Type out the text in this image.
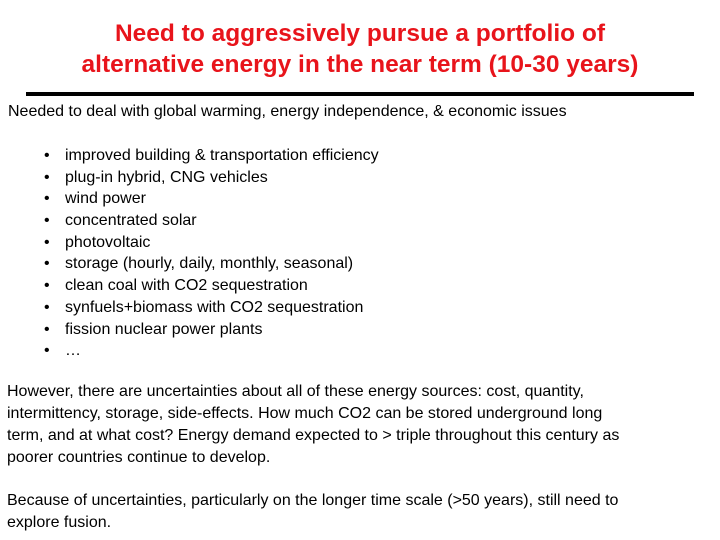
Need to aggressively pursue a portfolio of
alternative energy in the near term (10-30 years)

Needed to deal with global warming, energy independence, & economic issues

• improved building & transportation efficiency
• plug-in hybrid, CNG vehicles
• wind power
• concentrated solar
• photovoltaic
• storage (hourly, daily, monthly, seasonal)
• clean coal with CO2 sequestration
• synfuels+biomass with CO2 sequestration
• fission nuclear power plants
• …

However, there are uncertainties about all of these energy sources: cost, quantity,
intermittency, storage, side-effects. How much CO2 can be stored underground long
term, and at what cost? Energy demand expected to > triple throughout this century as
poorer countries continue to develop.

Because of uncertainties, particularly on the longer time scale (>50 years), still need to
explore fusion.
